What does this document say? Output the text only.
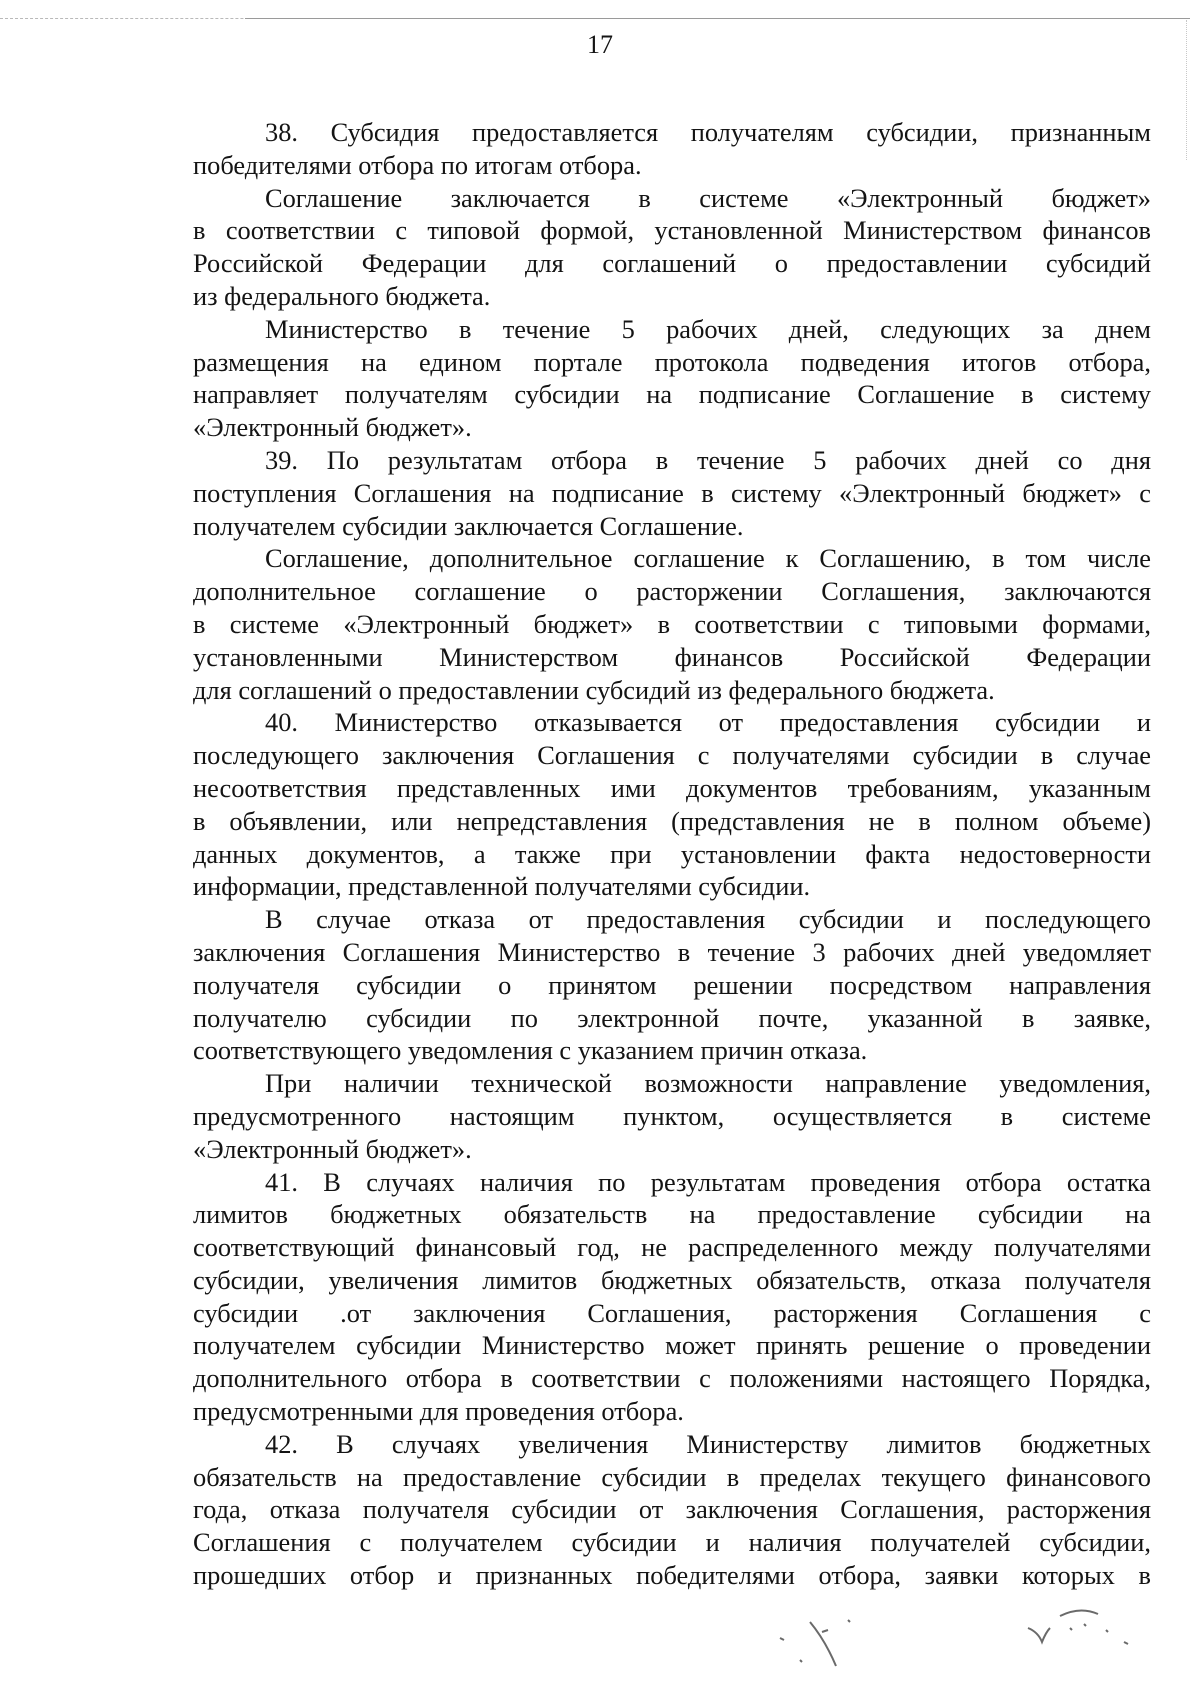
17
38. Субсидия предоставляется получателям субсидии, признанным
победителями отбора по итогам отбора.
Соглашение заключается в системе «Электронный бюджет»
в соответствии с типовой формой, установленной Министерством финансов
Российской Федерации для соглашений о предоставлении субсидий
из федерального бюджета.
Министерство в течение 5 рабочих дней, следующих за днем
размещения на едином портале протокола подведения итогов отбора,
направляет получателям субсидии на подписание Соглашение в систему
«Электронный бюджет».
39. По результатам отбора в течение 5 рабочих дней со дня
поступления Соглашения на подписание в систему «Электронный бюджет» с
получателем субсидии заключается Соглашение.
Соглашение, дополнительное соглашение к Соглашению, в том числе
дополнительное соглашение о расторжении Соглашения, заключаются
в системе «Электронный бюджет» в соответствии с типовыми формами,
установленными Министерством финансов Российской Федерации
для соглашений о предоставлении субсидий из федерального бюджета.
40. Министерство отказывается от предоставления субсидии и
последующего заключения Соглашения с получателями субсидии в случае
несоответствия представленных ими документов требованиям, указанным
в объявлении, или непредставления (представления не в полном объеме)
данных документов, а также при установлении факта недостоверности
информации, представленной получателями субсидии.
В случае отказа от предоставления субсидии и последующего
заключения Соглашения Министерство в течение 3 рабочих дней уведомляет
получателя субсидии о принятом решении посредством направления
получателю субсидии по электронной почте, указанной в заявке,
соответствующего уведомления с указанием причин отказа.
При наличии технической возможности направление уведомления,
предусмотренного настоящим пунктом, осуществляется в системе
«Электронный бюджет».
41. В случаях наличия по результатам проведения отбора остатка
лимитов бюджетных обязательств на предоставление субсидии на
соответствующий финансовый год, не распределенного между получателями
субсидии, увеличения лимитов бюджетных обязательств, отказа получателя
субсидии .от заключения Соглашения, расторжения Соглашения с
получателем субсидии Министерство может принять решение о проведении
дополнительного отбора в соответствии с положениями настоящего Порядка,
предусмотренными для проведения отбора.
42. В случаях увеличения Министерству лимитов бюджетных
обязательств на предоставление субсидии в пределах текущего финансового
года, отказа получателя субсидии от заключения Соглашения, расторжения
Соглашения с получателем субсидии и наличия получателей субсидии,
прошедших отбор и признанных победителями отбора, заявки которых в
